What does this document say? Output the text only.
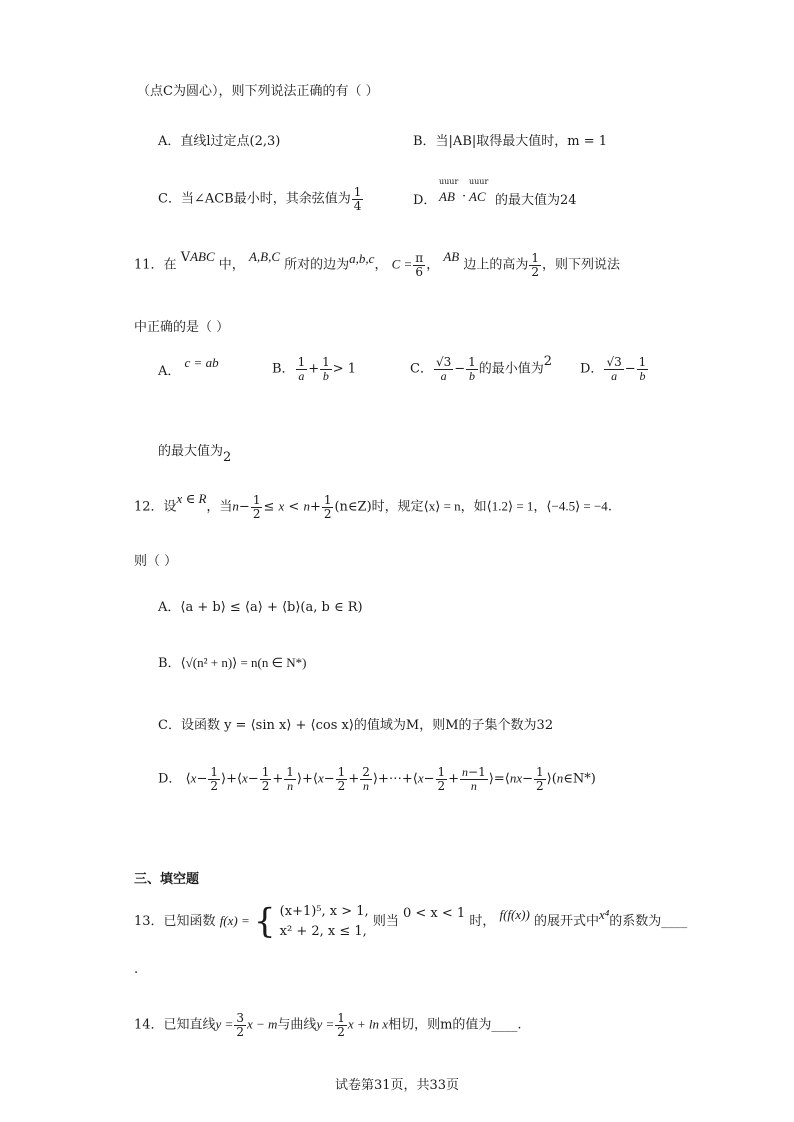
（点C为圆心），则下列说法正确的有（ ）
A．直线l过定点(2,3)	B．当|AB|取得最大值时，m = 1
C．当∠ACB最小时，其余弦值为 $\frac{1}{4}$
uuur uuur
D． AB · AC 的最大值为24
11．在 VABC 中， A,B,C 所对的边为a,b,c， $C = \frac{\pi}{6}$ ， AB 边上的高为 $\frac{1}{2}$ ，则下列说法
中正确的是（ ）
A． c = ab	B． $\frac{1}{a} + \frac{1}{b} > 1$	C． $\frac{√3}{a} - \frac{1}{b}$ 的最小值为2
D． $\frac{√3}{a} - \frac{1}{b}$
的最大值为2
12．设x ∈ R，当$n- \frac{1}{2} \le x < n+ \frac{1}{2}$ (n∈Z)时，规定⟨x⟩ = n，如⟨1.2⟩ = 1，⟨−4.5⟩ = −4.
则（ ）
A．⟨a + b⟩ ≤ ⟨a⟩ + ⟨b⟩(a, b ∈ R)
B．⟨√(n² + n)⟩ = n(n ∈ N*)
C．设函数 y = ⟨sin x⟩ + ⟨cos x⟩的值域为M，则M的子集个数为32
D． ⟨x− $\frac{1}{2}$ ⟩+⟨x− $\frac{1}{2} + \frac{1}{n}$ ⟩+⟨x− $\frac{1}{2} + \frac{2}{n}$ ⟩+⋯+⟨x− $\frac{1}{2} + \frac{n-1}{n}$ ⟩=⟨nx− $\frac{1}{2}$ ⟩(n∈N*)
三、填空题
13．已知函数 f(x) = { (x+1)⁵, x > 1,
x² + 2, x ≤ 1,
则当 0 < x < 1 时， f(f(x)) 的展开式中x⁴的系数为____
.
14．已知直线$y = \frac{3}{2}$ x − m与曲线$y = \frac{1}{2}$ x + ln x相切，则m的值为____.
试卷第31页，共33页
